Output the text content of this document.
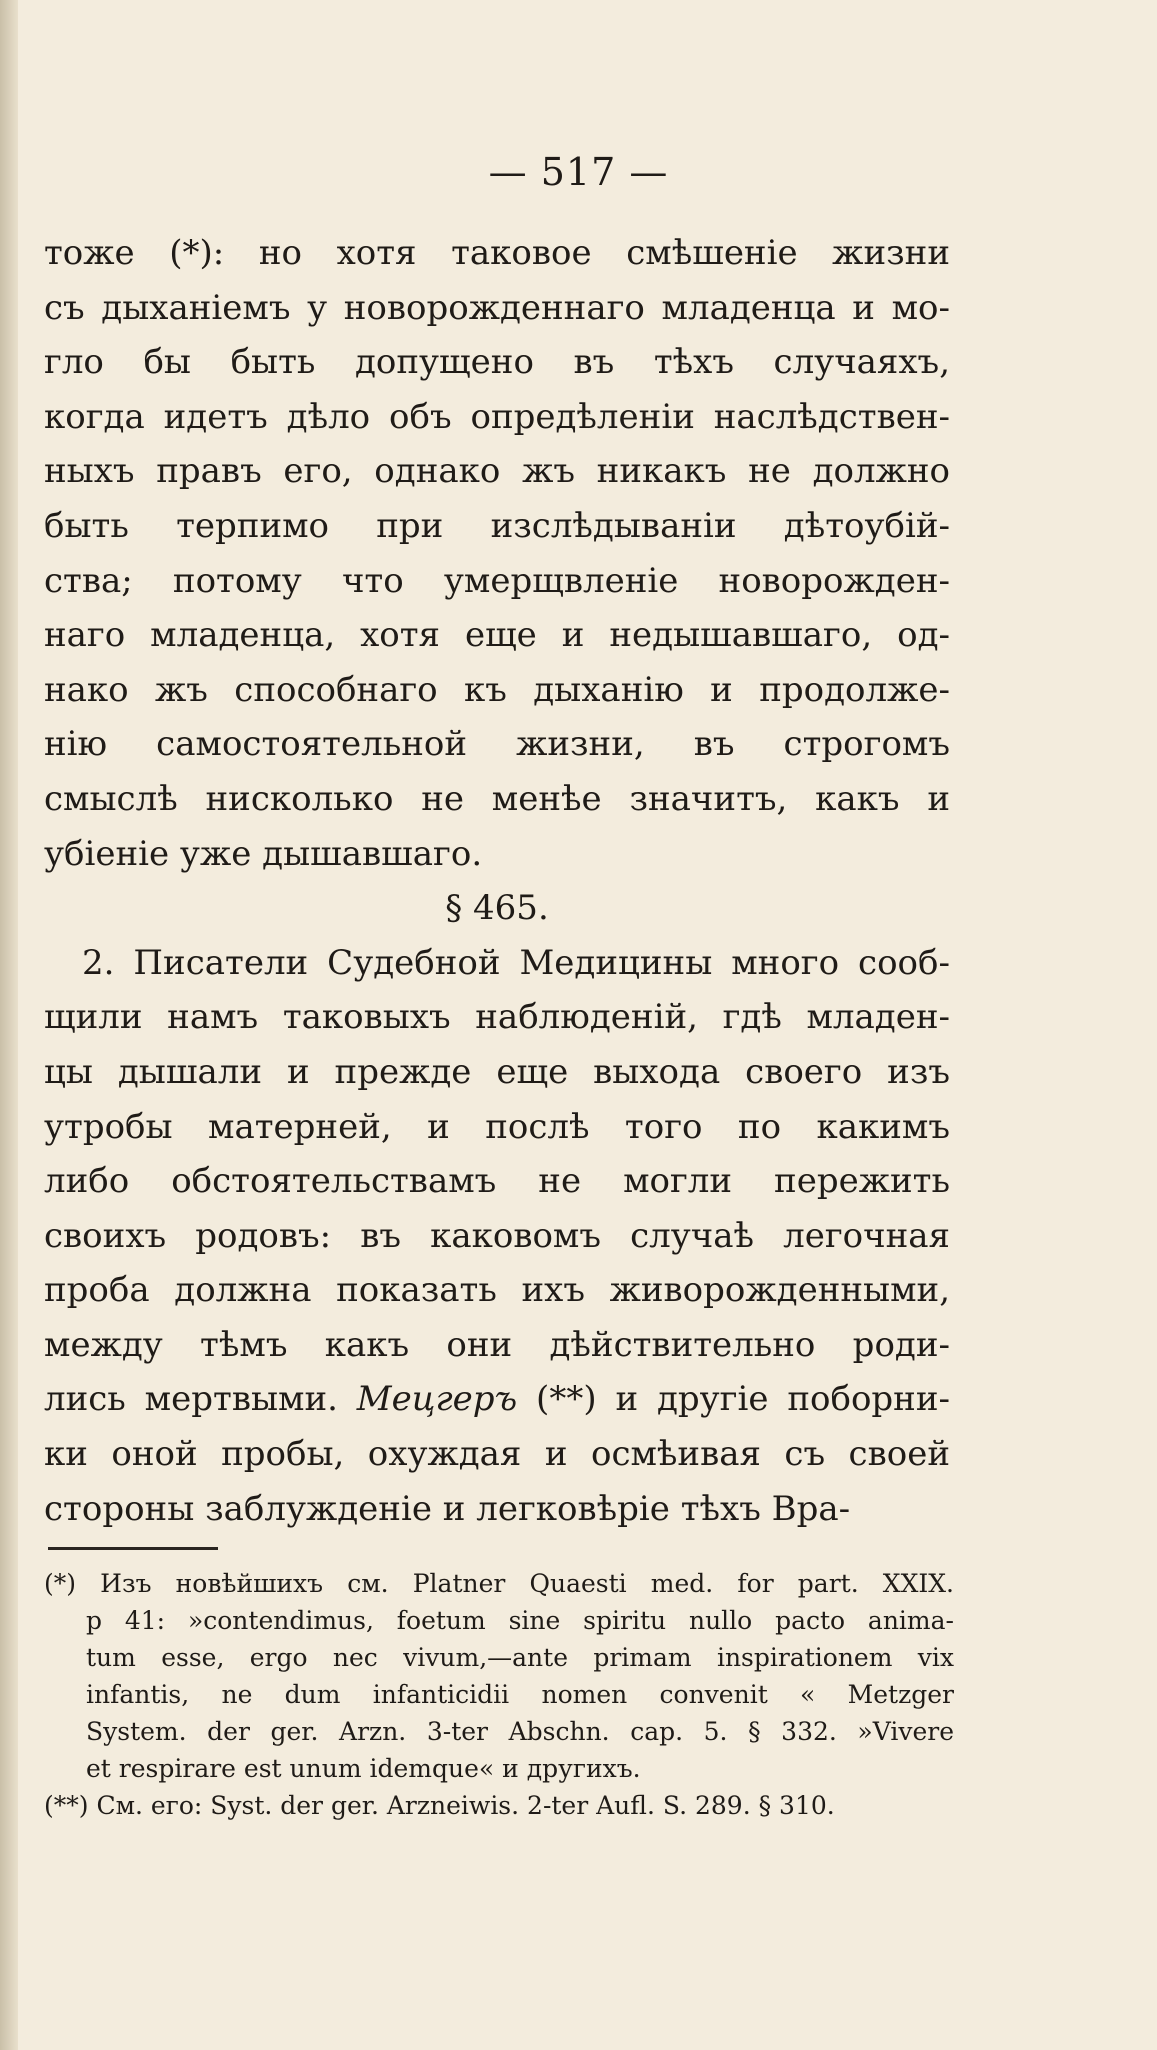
— 517 —
тоже (*): но хотя таковое смѣшеніе жизни
съ дыханіемъ у новорожденнаго младенца и мо-
гло бы быть допущено въ тѣхъ случаяхъ,
когда идетъ дѣло объ опредѣленіи наслѣдствен-
ныхъ правъ его, однако жъ никакъ не должно
быть терпимо при изслѣдываніи дѣтоубій-
ства; потому что умерщвленіе новорожден-
наго младенца, хотя еще и недышавшаго, од-
нако жъ способнаго къ дыханію и продолже-
нію самостоятельной жизни, въ строгомъ
смыслѣ нисколько не менѣе значитъ, какъ и
убіеніе уже дышавшаго.
§ 465.
2. Писатели Судебной Медицины много сооб-
щили намъ таковыхъ наблюденій, гдѣ младен-
цы дышали и прежде еще выхода своего изъ
утробы матерней, и послѣ того по какимъ
либо обстоятельствамъ не могли пережить
своихъ родовъ: въ каковомъ случаѣ легочная
проба должна показать ихъ живорожденными,
между тѣмъ какъ они дѣйствительно роди-
лись мертвыми. Мецгеръ (**) и другіе поборни-
ки оной пробы, охуждая и осмѣивая съ своей
стороны заблужденіе и легковѣріе тѣхъ Вра-
(*) Изъ новѣйшихъ см. Platner Quaesti med. for part. XXIX.
p 41: »contendimus, foetum sine spiritu nullo pacto anima-
tum esse, ergo nec vivum,—ante primam inspirationem vix
infantis, ne dum infanticidii nomen convenit « Metzger
System. der ger. Arzn. 3-ter Abschn. cap. 5. § 332. »Vivere
et respirare est unum idemque« и другихъ.
(**) См. его: Syst. der ger. Arzneiwis. 2-ter Aufl. S. 289. § 310.
